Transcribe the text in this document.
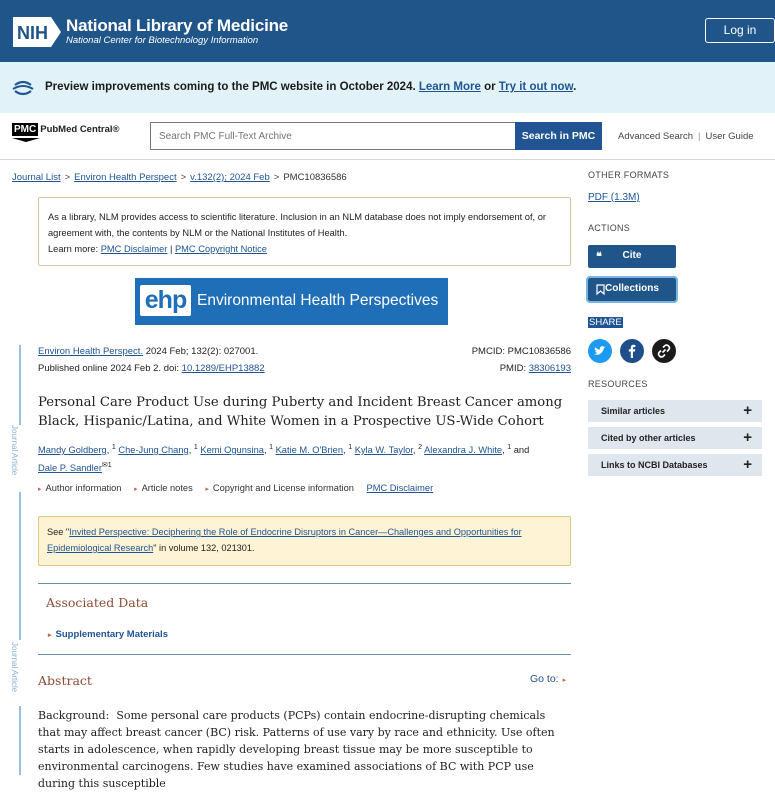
NIH National Library of Medicine
National Center for Biotechnology Information
Log in
Preview improvements coming to the PMC website in October 2024. Learn More or Try it out now.
PMC PubMed Central®
Search PMC Full-Text Archive
Search in PMC	Advanced Search | User Guide
Journal List > Environ Health Perspect > v.132(2); 2024 Feb > PMC10836586
As a library, NLM provides access to scientific literature. Inclusion in an NLM database does not imply endorsement of, or agreement with, the contents by NLM or the National Institutes of Health.
Learn more: PMC Disclaimer | PMC Copyright Notice
ehp Environmental Health Perspectives
Journal Article
Journal Article
Environ Health Perspect. 2024 Feb; 132(2): 027001.
Published online 2024 Feb 2. doi: 10.1289/EHP13882
PMCID: PMC10836586
PMID: 38306193
Personal Care Product Use during Puberty and Incident Breast Cancer among Black, Hispanic/Latina, and White Women in a Prospective US-Wide Cohort
Mandy Goldberg, $^1$ Che-Jung Chang, $^1$ Kemi Ogunsina, $^1$ Katie M. O'Brien, $^1$ Kyla W. Taylor, $^2$ Alexandra J. White, $^1$ and
Dale P. Sandler$^{✉1}$
▸ Author information ▸ Article notes ▸ Copyright and License information PMC Disclaimer
See "Invited Perspective: Deciphering the Role of Endocrine Disruptors in Cancer—Challenges and Opportunities for Epidemiological Research" in volume 132, 021301.
Associated Data
▸ Supplementary Materials
Abstract	Go to: ▸
Background: Some personal care products (PCPs) contain endocrine-disrupting chemicals that may affect breast cancer (BC) risk. Patterns of use vary by race and ethnicity. Use often starts in adolescence, when rapidly developing breast tissue may be more susceptible to environmental carcinogens. Few studies have examined associations of BC with PCP use during this susceptible
OTHER FORMATS
PDF (1.3M)
ACTIONS
❝	Cite
Collections
SHARE
RESOURCES
Similar articles	+
Cited by other articles	+
Links to NCBI Databases +
